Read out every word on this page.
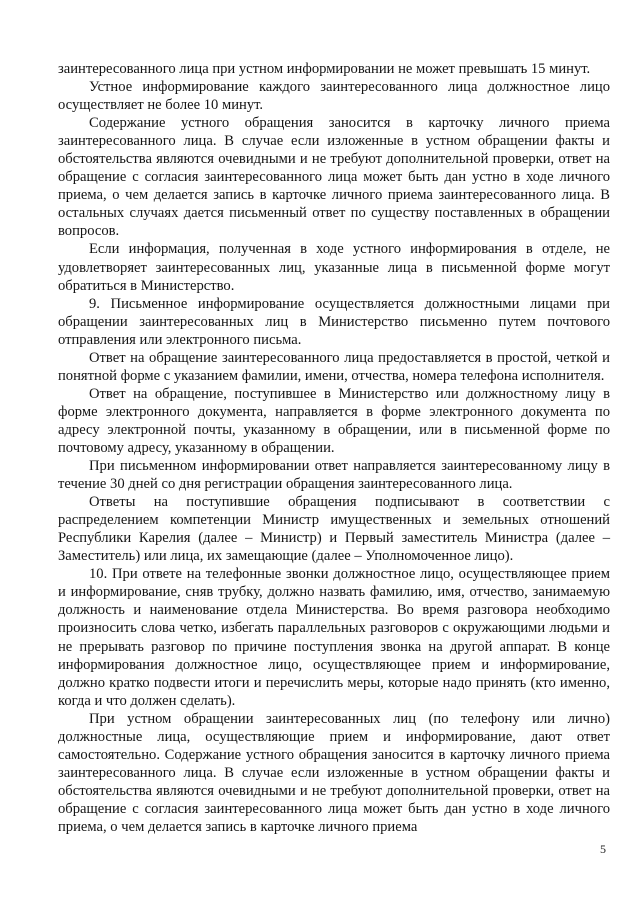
заинтересованного лица при устном информировании не может превышать 15 минут.

Устное информирование каждого заинтересованного лица должностное лицо осуществляет не более 10 минут.

Содержание устного обращения заносится в карточку личного приема заинтересованного лица. В случае если изложенные в устном обращении факты и обстоятельства являются очевидными и не требуют дополнительной проверки, ответ на обращение с согласия заинтересованного лица может быть дан устно в ходе личного приема, о чем делается запись в карточке личного приема заинтересованного лица. В остальных случаях дается письменный ответ по существу поставленных в обращении вопросов.

Если информация, полученная в ходе устного информирования в отделе, не удовлетворяет заинтересованных лиц, указанные лица в письменной форме могут обратиться в Министерство.

9. Письменное информирование осуществляется должностными лицами при обращении заинтересованных лиц в Министерство письменно путем почтового отправления или электронного письма.

Ответ на обращение заинтересованного лица предоставляется в простой, четкой и понятной форме с указанием фамилии, имени, отчества, номера телефона исполнителя.

Ответ на обращение, поступившее в Министерство или должностному лицу в форме электронного документа, направляется в форме электронного документа по адресу электронной почты, указанному в обращении, или в письменной форме по почтовому адресу, указанному в обращении.

При письменном информировании ответ направляется заинтересованному лицу в течение 30 дней со дня регистрации обращения заинтересованного лица.

Ответы на поступившие обращения подписывают в соответствии с распределением компетенции Министр имущественных и земельных отношений Республики Карелия (далее – Министр) и Первый заместитель Министра (далее – Заместитель) или лица, их замещающие (далее – Уполномоченное лицо).

10. При ответе на телефонные звонки должностное лицо, осуществляющее прием и информирование, сняв трубку, должно назвать фамилию, имя, отчество, занимаемую должность и наименование отдела Министерства. Во время разговора необходимо произносить слова четко, избегать параллельных разговоров с окружающими людьми и не прерывать разговор по причине поступления звонка на другой аппарат. В конце информирования должностное лицо, осуществляющее прием и информирование, должно кратко подвести итоги и перечислить меры, которые надо принять (кто именно, когда и что должен сделать).

При устном обращении заинтересованных лиц (по телефону или лично) должностные лица, осуществляющие прием и информирование, дают ответ самостоятельно. Содержание устного обращения заносится в карточку личного приема заинтересованного лица. В случае если изложенные в устном обращении факты и обстоятельства являются очевидными и не требуют дополнительной проверки, ответ на обращение с согласия заинтересованного лица может быть дан устно в ходе личного приема, о чем делается запись в карточке личного приема

5
